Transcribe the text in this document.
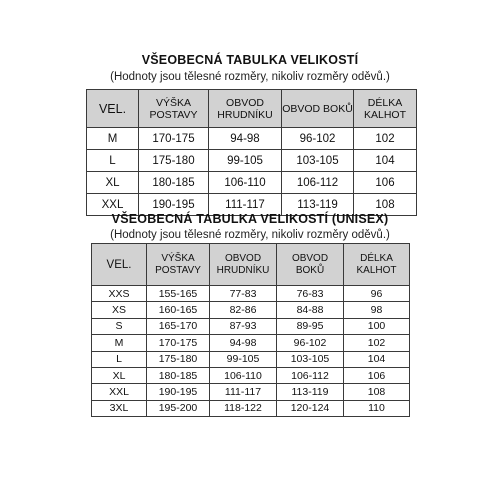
VŠEOBECNÁ TABULKA VELIKOSTÍ
(Hodnoty jsou tělesné rozměry, nikoliv rozměry oděvů.)
VEL.	VÝŠKA POSTAVY	OBVOD HRUDNÍKU	OBVOD BOKŮ	DÉLKA KALHOT
M	170-175	94-98	96-102	102
L	175-180	99-105	103-105	104
XL	180-185	106-110	106-112	106
XXL	190-195	111-117	113-119	108
VŠEOBECNÁ TABULKA VELIKOSTÍ (UNISEX)
(Hodnoty jsou tělesné rozměry, nikoliv rozměry oděvů.)
VEL.	VÝŠKA POSTAVY	OBVOD HRUDNÍKU	OBVOD BOKŮ	DÉLKA KALHOT
XXS	155-165	77-83	76-83	96
XS	160-165	82-86	84-88	98
S	165-170	87-93	89-95	100
M	170-175	94-98	96-102	102
L	175-180	99-105	103-105	104
XL	180-185	106-110	106-112	106
XXL	190-195	111-117	113-119	108
3XL	195-200	118-122	120-124	110
